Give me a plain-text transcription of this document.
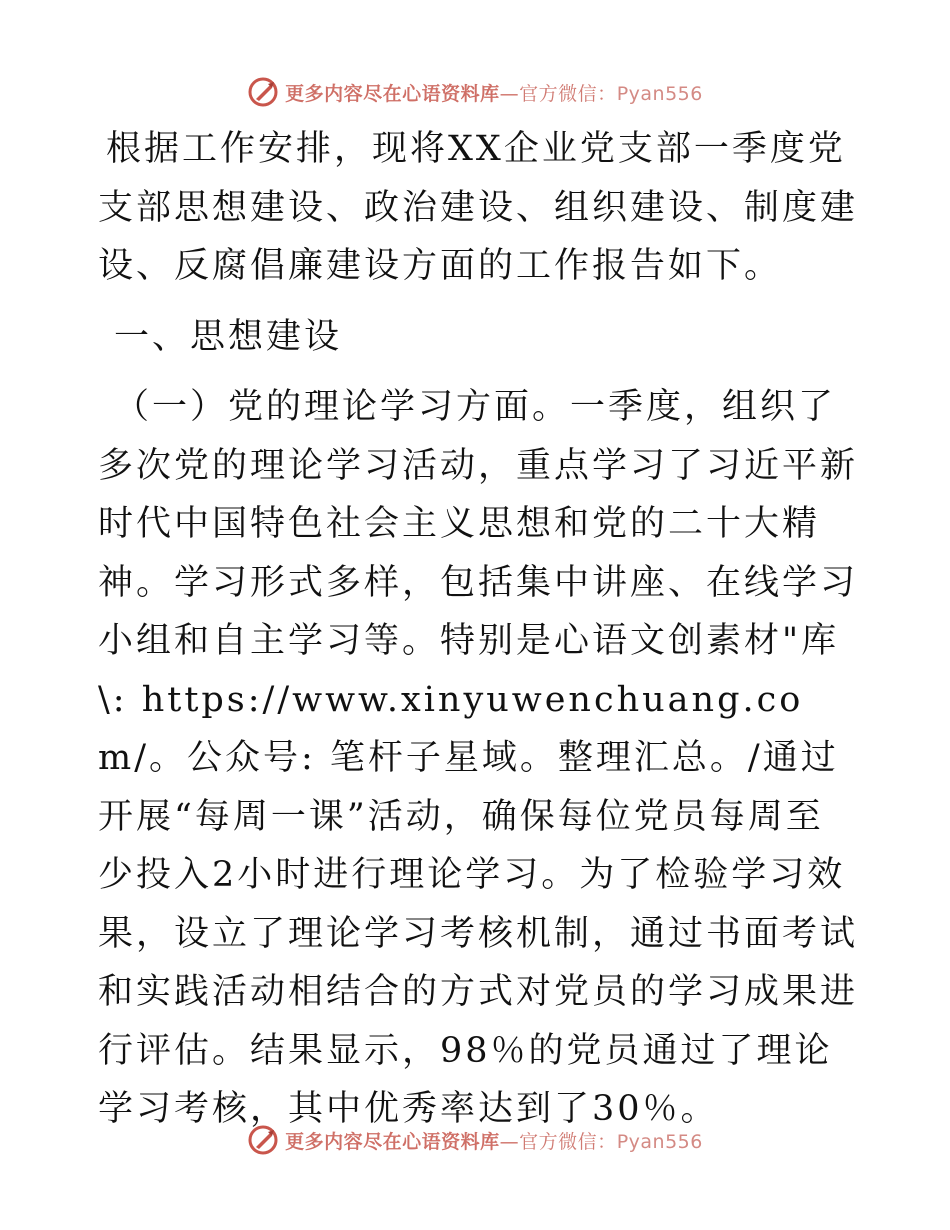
更多内容尽在心语资料库—官方微信：Pyan556

根据工作安排，现将XX企业党支部一季度党支部思想建设、政治建设、组织建设、制度建设、反腐倡廉建设方面的工作报告如下。

一、思想建设

（一）党的理论学习方面。一季度，组织了多次党的理论学习活动，重点学习了习近平新时代中国特色社会主义思想和党的二十大精神。学习形式多样，包括集中讲座、在线学习小组和自主学习等。特别是心语文创素材"库\: https://www.xinyuwenchuang.com/。公众号: 笔杆子星域。整理汇总。/通过开展“每周一课”活动，确保每位党员每周至少投入2小时进行理论学习。为了检验学习效果，设立了理论学习考核机制，通过书面考试和实践活动相结合的方式对党员的学习成果进行评估。结果显示，98％的党员通过了理论学习考核，其中优秀率达到了30％。

更多内容尽在心语资料库—官方微信：Pyan556
